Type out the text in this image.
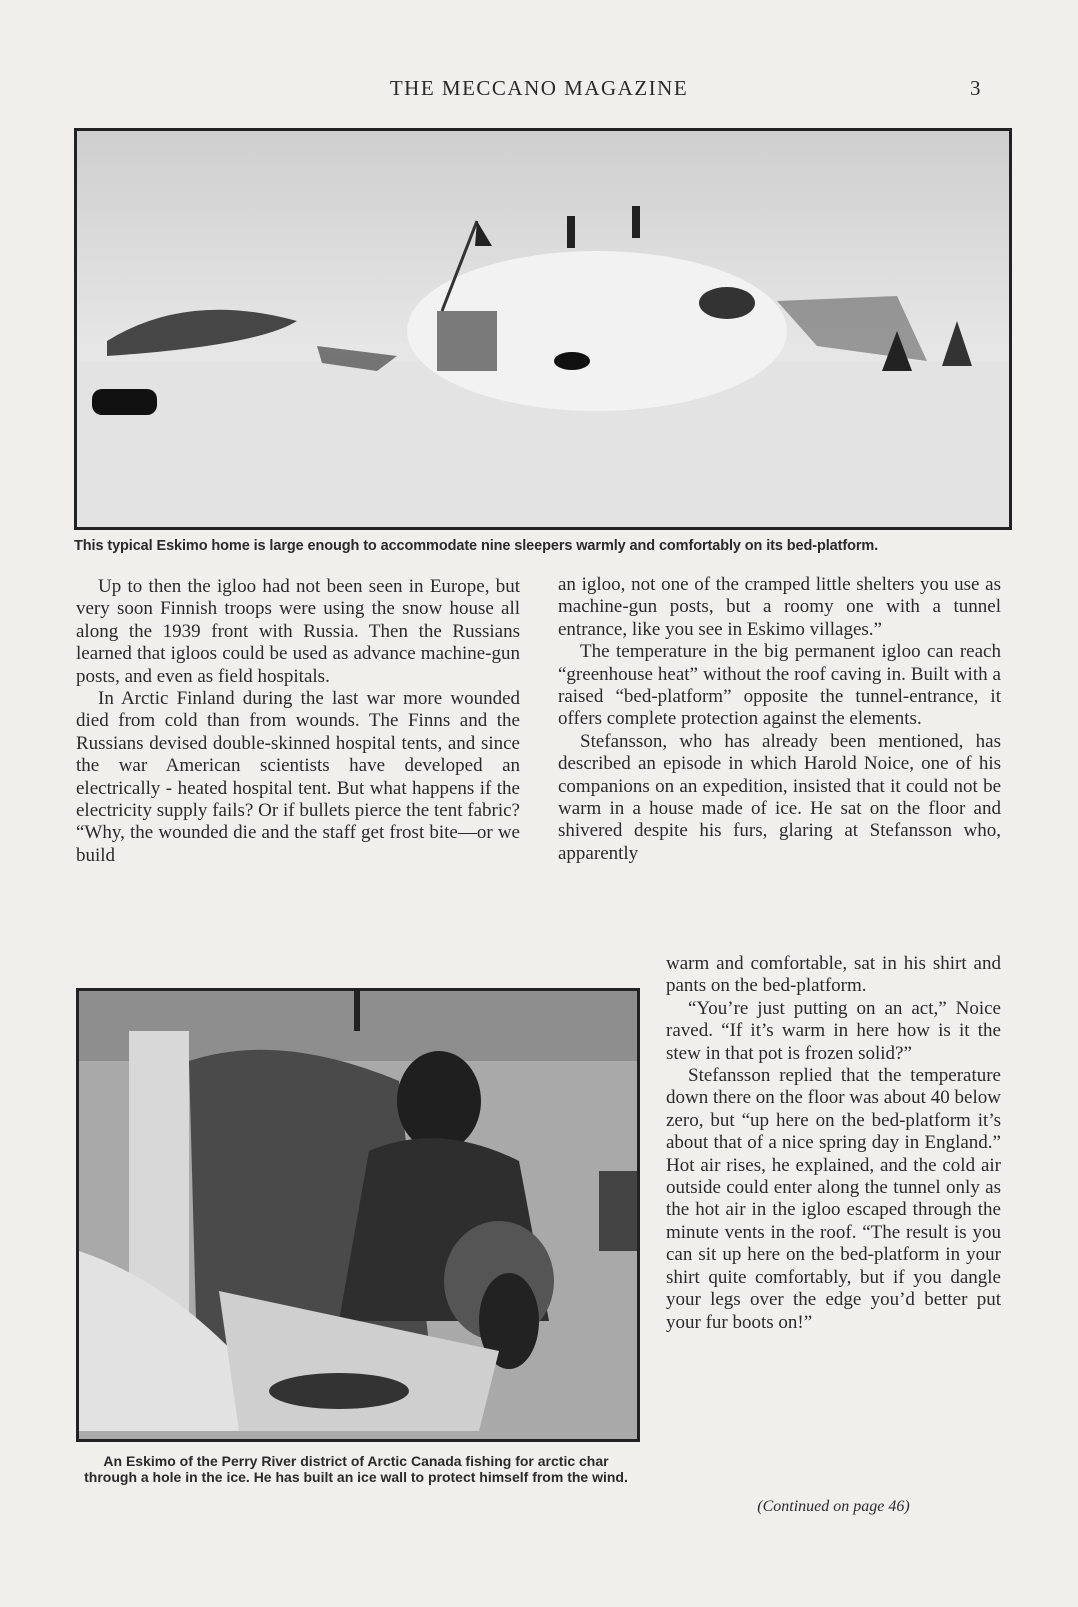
THE MECCANO MAGAZINE	3
This typical Eskimo home is large enough to accommodate nine sleepers warmly and comfortably on its bed-platform.

Up to then the igloo had not been seen in Europe, but very soon Finnish troops were using the snow house all along the 1939 front with Russia. Then the Russians learned that igloos could be used as advance machine-gun posts, and even as field hospitals.

In Arctic Finland during the last war more wounded died from cold than from wounds. The Finns and the Russians devised double-skinned hospital tents, and since the war American scientists have developed an electrically - heated hospital tent. But what happens if the electricity supply fails? Or if bullets pierce the tent fabric? “Why, the wounded die and the staff get frost bite—or we build

an igloo, not one of the cramped little shelters you use as machine-gun posts, but a roomy one with a tunnel entrance, like you see in Eskimo villages.”

The temperature in the big permanent igloo can reach “greenhouse heat” without the roof caving in. Built with a raised “bed-platform” opposite the tunnel-entrance, it offers complete protection against the elements.

Stefansson, who has already been mentioned, has described an episode in which Harold Noice, one of his companions on an expedition, insisted that it could not be warm in a house made of ice. He sat on the floor and shivered despite his furs, glaring at Stefansson who, apparently

An Eskimo of the Perry River district of Arctic Canada fishing for arctic char through a hole in the ice. He has built an ice wall to protect himself from the wind.

warm and comfortable, sat in his shirt and pants on the bed-platform.

“You’re just putting on an act,” Noice raved. “If it’s warm in here how is it the stew in that pot is frozen solid?”

Stefansson replied that the temperature down there on the floor was about 40 below zero, but “up here on the bed-platform it’s about that of a nice spring day in England.” Hot air rises, he explained, and the cold air outside could enter along the tunnel only as the hot air in the igloo escaped through the minute vents in the roof. “The result is you can sit up here on the bed-platform in your shirt quite comfortably, but if you dangle your legs over the edge you’d better put your fur boots on!”

(Continued on page 46)
